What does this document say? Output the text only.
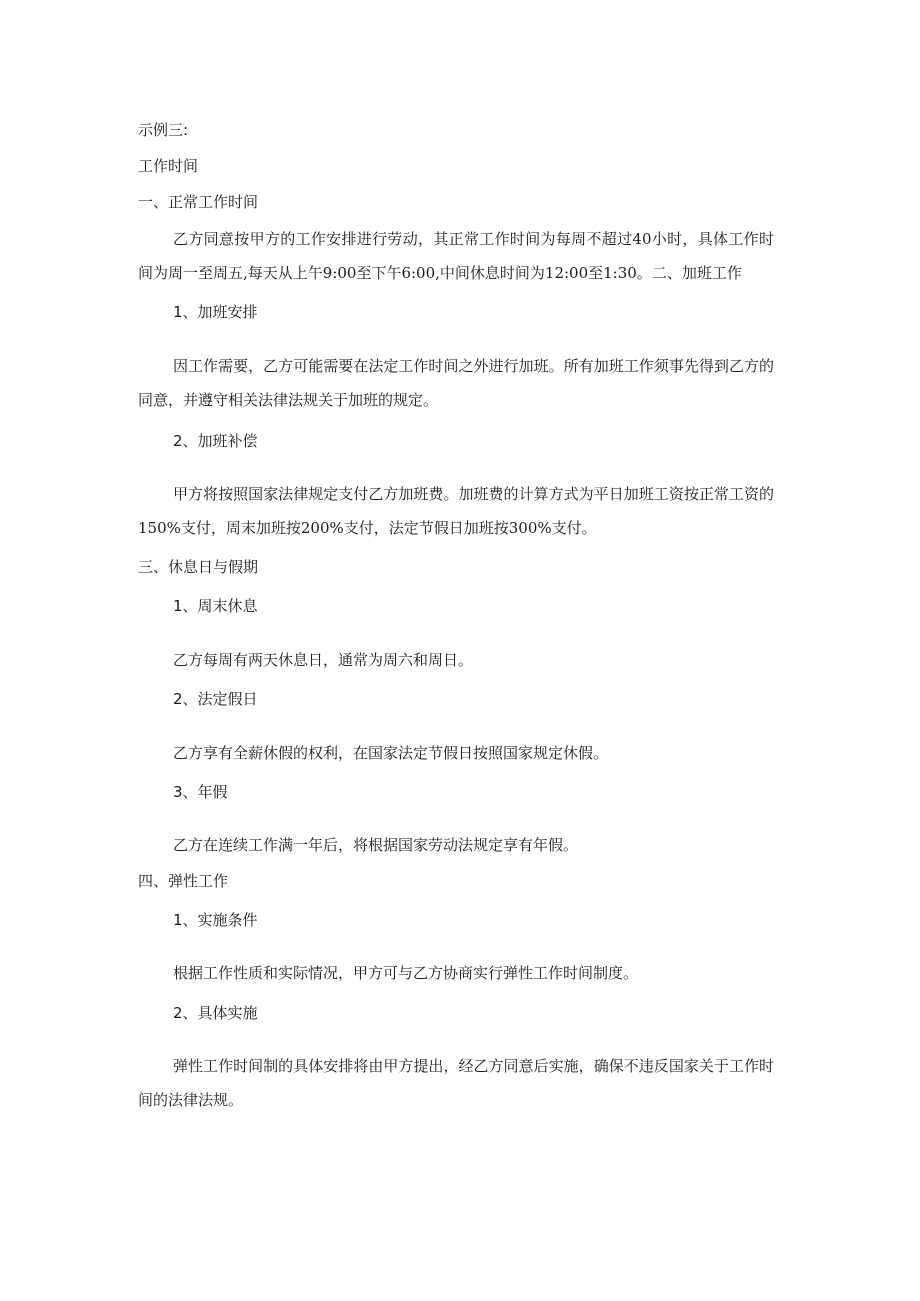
示例三:
工作时间
一、正常工作时间
乙方同意按甲方的工作安排进行劳动，其正常工作时间为每周不超过40小时，具体工作时间为周一至周五,每天从上午9:00至下午6:00,中间休息时间为12:00至1:30。二、加班工作
1、加班安排
因工作需要，乙方可能需要在法定工作时间之外进行加班。所有加班工作须事先得到乙方的同意，并遵守相关法律法规关于加班的规定。
2、加班补偿
甲方将按照国家法律规定支付乙方加班费。加班费的计算方式为平日加班工资按正常工资的150%支付，周末加班按200%支付，法定节假日加班按300%支付。
三、休息日与假期
1、周末休息
乙方每周有两天休息日，通常为周六和周日。
2、法定假日
乙方享有全薪休假的权利，在国家法定节假日按照国家规定休假。
3、年假
乙方在连续工作满一年后，将根据国家劳动法规定享有年假。
四、弹性工作
1、实施条件
根据工作性质和实际情况，甲方可与乙方协商实行弹性工作时间制度。
2、具体实施
弹性工作时间制的具体安排将由甲方提出，经乙方同意后实施，确保不违反国家关于工作时间的法律法规。
